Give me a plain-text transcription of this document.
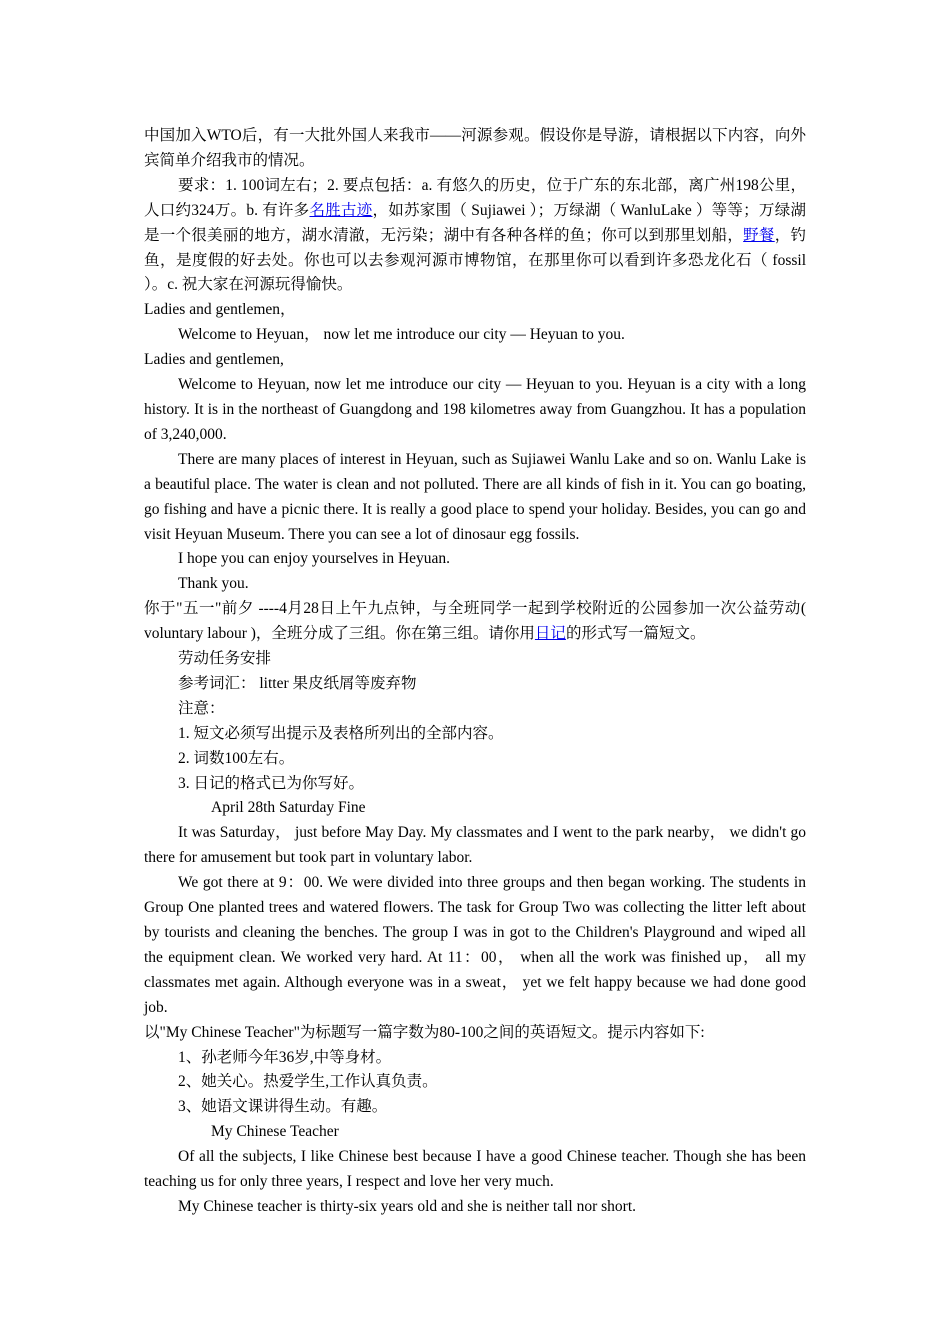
中国加入WTO后，有一大批外国人来我市——河源参观。假设你是导游，请根据以下内容，向外宾简单介绍我市的情况。

要求：1. 100词左右；2. 要点包括：a. 有悠久的历史，位于广东的东北部，离广州198公里，人口约324万。b. 有许多名胜古迹，如苏家围（ Sujiawei ）；万绿湖（ WanluLake ）等等；万绿湖是一个很美丽的地方，湖水清澈，无污染；湖中有各种各样的鱼；你可以到那里划船，野餐，钓鱼，是度假的好去处。你也可以去参观河源市博物馆，在那里你可以看到许多恐龙化石（ fossil ）。c. 祝大家在河源玩得愉快。

Ladies and gentlemen，

Welcome to Heyuan， now let me introduce our city — Heyuan to you.

Ladies and gentlemen,

Welcome to Heyuan, now let me introduce our city — Heyuan to you. Heyuan is a city with a long history. It is in the northeast of Guangdong and 198 kilometres away from Guangzhou. It has a population of 3,240,000.

There are many places of interest in Heyuan, such as Sujiawei Wanlu Lake and so on. Wanlu Lake is a beautiful place. The water is clean and not polluted. There are all kinds of fish in it. You can go boating, go fishing and have a picnic there. It is really a good place to spend your holiday. Besides, you can go and visit Heyuan Museum. There you can see a lot of dinosaur egg fossils.

I hope you can enjoy yourselves in Heyuan.

Thank you.

你于"五一"前夕 ----4月28日上午九点钟，与全班同学一起到学校附近的公园参加一次公益劳动( voluntary labour )，全班分成了三组。你在第三组。请你用日记的形式写一篇短文。

劳动任务安排

参考词汇： litter 果皮纸屑等废弃物

注意：

1. 短文必须写出提示及表格所列出的全部内容。

2. 词数100左右。

3. 日记的格式已为你写好。

April 28th Saturday Fine

It was Saturday， just before May Day. My classmates and I went to the park nearby， we didn't go there for amusement but took part in voluntary labor.

We got there at 9：00. We were divided into three groups and then began working. The students in Group One planted trees and watered flowers. The task for Group Two was collecting the litter left about by tourists and cleaning the benches. The group I was in got to the Children's Playground and wiped all the equipment clean. We worked very hard. At 11：00， when all the work was finished up， all my classmates met again. Although everyone was in a sweat， yet we felt happy because we had done good job.

以"My Chinese Teacher"为标题写一篇字数为80-100之间的英语短文。提示内容如下:

1、孙老师今年36岁,中等身材。

2、她关心。热爱学生,工作认真负责。

3、她语文课讲得生动。有趣。

My Chinese Teacher

Of all the subjects, I like Chinese best because I have a good Chinese teacher. Though she has been teaching us for only three years, I respect and love her very much.

My Chinese teacher is thirty-six years old and she is neither tall nor short.
